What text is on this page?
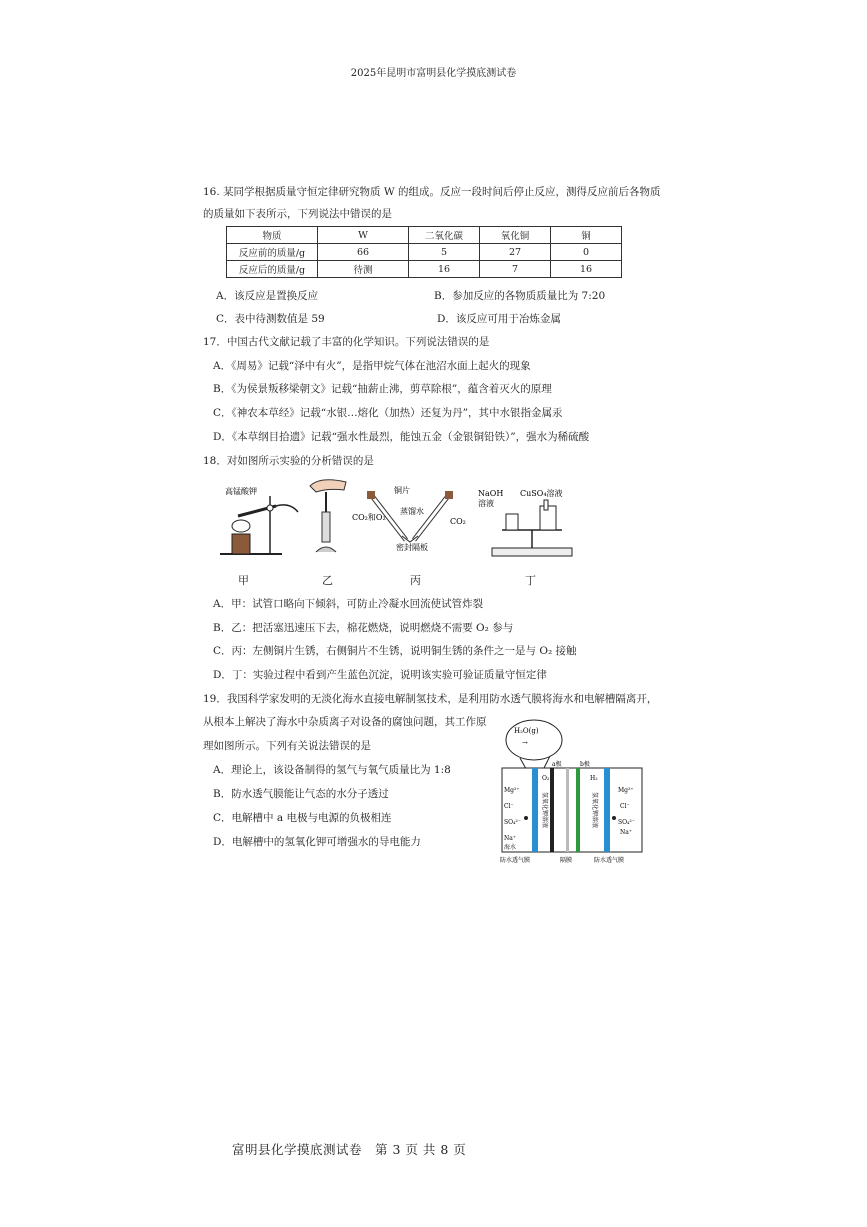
2025年昆明市富明县化学摸底测试卷
16. 某同学根据质量守恒定律研究物质 W 的组成。反应一段时间后停止反应，测得反应前后各物质
的质量如下表所示，下列说法中错误的是
物质	W	二氧化碳	氧化铜	铜
反应前的质量/g	66	5	27	0
反应后的质量/g	待测	16	7	16
A．该反应是置换反应	B．参加反应的各物质质量比为 7:20
C．表中待测数值是 59	D．该反应可用于冶炼金属
17．中国古代文献记载了丰富的化学知识。下列说法错误的是
A．《周易》记载“泽中有火”，是指甲烷气体在池沼水面上起火的现象
B．《为侯景叛移梁朝文》记载“抽薪止沸，剪草除根”，蕴含着灭火的原理
C．《神农本草经》记载“水银…熔化（加热）还复为丹”，其中水银指金属汞
D．《本草纲目拾遗》记载“强水性最烈，能蚀五金（金银铜铅铁）”，强水为稀硫酸
18．对如图所示实验的分析错误的是
高锰酸钾	铜片
CO₂和O₂
蒸馏水
CO₂
密封隔板
NaOH
溶液
CuSO₄溶液
甲	乙	丙	丁
A．甲：试管口略向下倾斜，可防止冷凝水回流使试管炸裂
B．乙：把活塞迅速压下去，棉花燃烧，说明燃烧不需要 O₂ 参与
C．丙：左侧铜片生锈，右侧铜片不生锈，说明铜生锈的条件之一是与 O₂ 接触
D．丁：实验过程中看到产生蓝色沉淀，说明该实验可验证质量守恒定律
19．我国科学家发明的无淡化海水直接电解制氢技术，是利用防水透气膜将海水和电解槽隔离开，
从根本上解决了海水中杂质离子对设备的腐蚀问题，其工作原
理如图所示。下列有关说法错误的是
A．理论上，该设备制得的氢气与氧气质量比为 1:8
B．防水透气膜能让气态的水分子透过
C．电解槽中 a 电极与电源的负极相连
D．电解槽中的氢氧化钾可增强水的导电能力
H₂O(g)
→
a极	b极
O₂	H₂
氢氧化钾溶液	氢氧化钾溶液
Mg²⁺
Cl⁻
SO₄²⁻
Na⁺
海水
Mg²⁺
Cl⁻
SO₄²⁻
Na⁺
防水透气膜	隔膜	防水透气膜
富明县化学摸底测试卷　第 3 页 共 8 页
